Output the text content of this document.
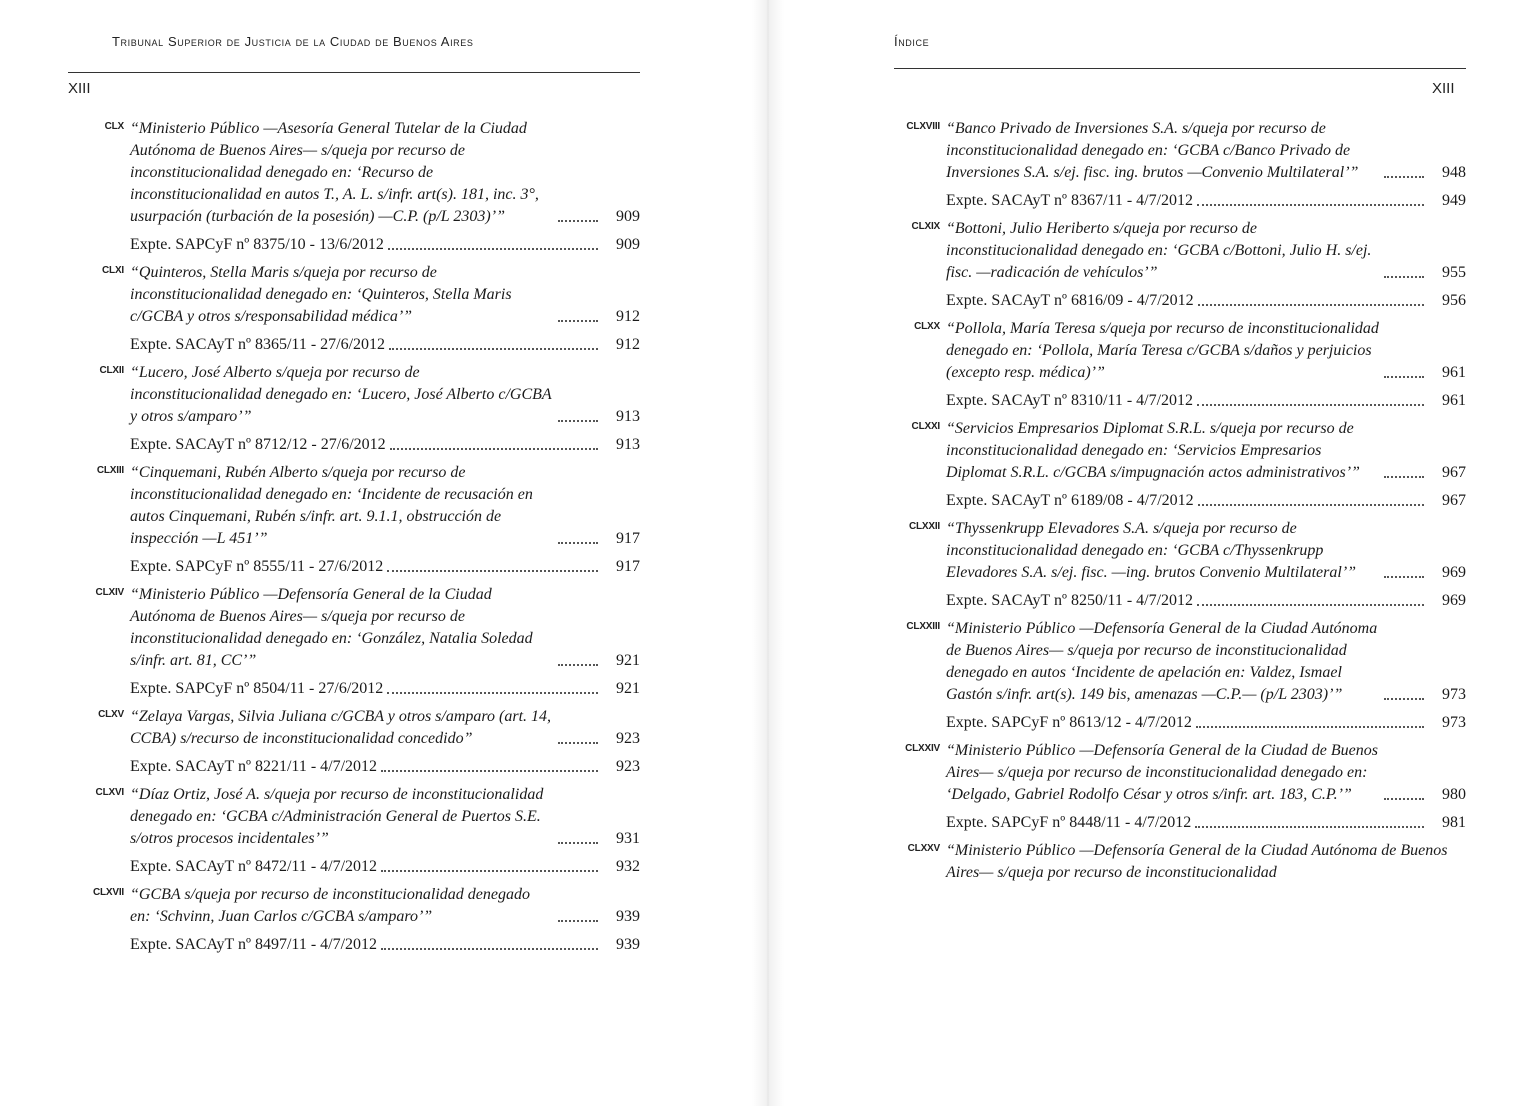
Tribunal Superior de Justicia de la Ciudad de Buenos Aires
XIII
CLX “Ministerio Público —Asesoría General Tutelar de la Ciudad Autónoma de Buenos Aires— s/queja por recurso de inconstitucionalidad denegado en: ‘Recurso de inconstitucionalidad en autos T., A. L. s/infr. art(s). 181, inc. 3°, usurpación (turbación de la posesión) —C.P. (p/L 2303)’”	909
Expte. SAPCyF nº 8375/10 - 13/6/2012	909
CLXI “Quinteros, Stella Maris s/queja por recurso de inconstitucionalidad denegado en: ‘Quinteros, Stella Maris c/GCBA y otros s/responsabilidad médica’”	912
Expte. SACAyT nº 8365/11 - 27/6/2012	912
CLXII “Lucero, José Alberto s/queja por recurso de inconstitucionalidad denegado en: ‘Lucero, José Alberto c/GCBA y otros s/amparo’”	913
Expte. SACAyT nº 8712/12 - 27/6/2012	913
CLXIII “Cinquemani, Rubén Alberto s/queja por recurso de inconstitucionalidad denegado en: ‘Incidente de recusación en autos Cinquemani, Rubén s/infr. art. 9.1.1, obstrucción de inspección —L 451’”	917
Expte. SAPCyF nº 8555/11 - 27/6/2012	917
CLXIV “Ministerio Público —Defensoría General de la Ciudad Autónoma de Buenos Aires— s/queja por recurso de inconstitucionalidad denegado en: ‘González, Natalia Soledad s/infr. art. 81, CC’”	921
Expte. SAPCyF nº 8504/11 - 27/6/2012	921
CLXV “Zelaya Vargas, Silvia Juliana c/GCBA y otros s/amparo (art. 14, CCBA) s/recurso de inconstitucionalidad concedido”	923
Expte. SACAyT nº 8221/11 - 4/7/2012	923
CLXVI “Díaz Ortiz, José A. s/queja por recurso de inconstitucionalidad denegado en: ‘GCBA c/Administración General de Puertos S.E. s/otros procesos incidentales’”	931
Expte. SACAyT nº 8472/11 - 4/7/2012	932
CLXVII “GCBA s/queja por recurso de inconstitucionalidad denegado en: ‘Schvinn, Juan Carlos c/GCBA s/amparo’”	939
Expte. SACAyT nº 8497/11 - 4/7/2012	939
Índice
XIII
CLXVIII “Banco Privado de Inversiones S.A. s/queja por recurso de inconstitucionalidad denegado en: ‘GCBA c/Banco Privado de Inversiones S.A. s/ej. fisc. ing. brutos —Convenio Multilateral’”	948
Expte. SACAyT nº 8367/11 - 4/7/2012	949
CLXIX “Bottoni, Julio Heriberto s/queja por recurso de inconstitucionalidad denegado en: ‘GCBA c/Bottoni, Julio H. s/ej. fisc. —radicación de vehículos’”	955
Expte. SACAyT nº 6816/09 - 4/7/2012	956
CLXX “Pollola, María Teresa s/queja por recurso de inconstitucionalidad denegado en: ‘Pollola, María Teresa c/GCBA s/daños y perjuicios (excepto resp. médica)’”	961
Expte. SACAyT nº 8310/11 - 4/7/2012	961
CLXXI “Servicios Empresarios Diplomat S.R.L. s/queja por recurso de inconstitucionalidad denegado en: ‘Servicios Empresarios Diplomat S.R.L. c/GCBA s/impugnación actos administrativos’”	967
Expte. SACAyT nº 6189/08 - 4/7/2012	967
CLXXII “Thyssenkrupp Elevadores S.A. s/queja por recurso de inconstitucionalidad denegado en: ‘GCBA c/Thyssenkrupp Elevadores S.A. s/ej. fisc. —ing. brutos Convenio Multilateral’”	969
Expte. SACAyT nº 8250/11 - 4/7/2012	969
CLXXIII “Ministerio Público —Defensoría General de la Ciudad Autónoma de Buenos Aires— s/queja por recurso de inconstitucionalidad denegado en autos ‘Incidente de apelación en: Valdez, Ismael Gastón s/infr. art(s). 149 bis, amenazas —C.P.— (p/L 2303)’”	973
Expte. SAPCyF nº 8613/12 - 4/7/2012	973
CLXXIV “Ministerio Público —Defensoría General de la Ciudad de Buenos Aires— s/queja por recurso de inconstitucionalidad denegado en: ‘Delgado, Gabriel Rodolfo César y otros s/infr. art. 183, C.P.’”	980
Expte. SAPCyF nº 8448/11 - 4/7/2012	981
CLXXV “Ministerio Público —Defensoría General de la Ciudad Autónoma de Buenos Aires— s/queja por recurso de inconstitucionalidad
